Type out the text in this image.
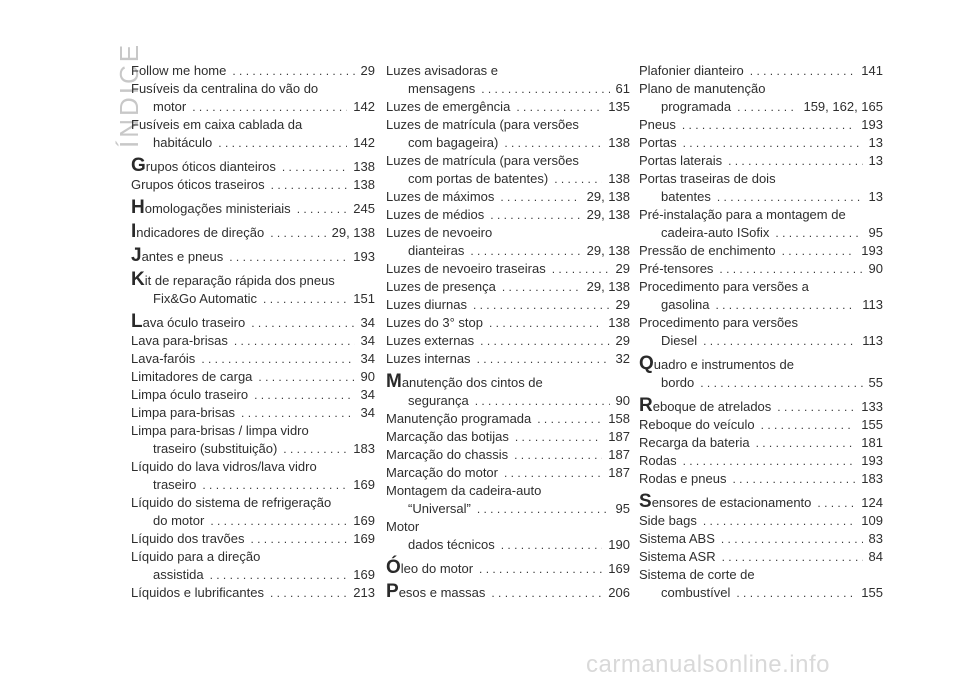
ÍNDICE
Follow me home . . .	29
Fusíveis da centralina do vão do
motor . . .	142
Fusíveis em caixa cablada da
habitáculo . . .	142
G rupos óticos dianteiros . . .	138
Grupos óticos traseiros . . .	138
H omologações ministeriais . . .	245
I ndicadores de direção . . .	29, 138
J antes e pneus . . .	193
K it de reparação rápida dos pneus
Fix&Go Automatic . . .	151
L ava óculo traseiro . . .	34
Lava para-brisas . . .	34
Lava-faróis . . .	34
Limitadores de carga . . .	90
Limpa óculo traseiro . . .	34
Limpa para-brisas . . .	34
Limpa para-brisas / limpa vidro
traseiro (substituição) . . .	183
Líquido do lava vidros/lava vidro
traseiro . . .	169
Líquido do sistema de refrigeração
do motor . . .	169
Líquido dos travões . . .	169
Líquido para a direção
assistida . . .	169
Líquidos e lubrificantes . . .	213
Luzes avisadoras e
mensagens . . .	61
Luzes de emergência . . .	135
Luzes de matrícula (para versões
com bagageira) . . .	138
Luzes de matrícula (para versões
com portas de batentes) . . .	138
Luzes de máximos . . .	29, 138
Luzes de médios . . .	29, 138
Luzes de nevoeiro
dianteiras . . .	29, 138
Luzes de nevoeiro traseiras . . .	29
Luzes de presença . . .	29, 138
Luzes diurnas . . .	29
Luzes do 3° stop . . .	138
Luzes externas . . .	29
Luzes internas . . .	32
M anutenção dos cintos de
segurança . . .	90
Manutenção programada . . .	158
Marcação das botijas . . .	187
Marcação do chassis . . .	187
Marcação do motor . . .	187
Montagem da cadeira-auto
“Universal” . . .	95
Motor
dados técnicos . . .	190
Ó leo do motor . . .	169
P esos e massas . . .	206
Plafonier dianteiro . . .	141
Plano de manutenção
programada . . .	159, 162, 165
Pneus . . .	193
Portas . . .	13
Portas laterais . . .	13
Portas traseiras de dois
batentes . . .	13
Pré-instalação para a montagem de
cadeira-auto ISofix . . .	95
Pressão de enchimento . . .	193
Pré-tensores . . .	90
Procedimento para versões a
gasolina . . .	113
Procedimento para versões
Diesel . . .	113
Q uadro e instrumentos de
bordo . . .	55
R eboque de atrelados . . .	133
Reboque do veículo . . .	155
Recarga da bateria . . .	181
Rodas . . .	193
Rodas e pneus . . .	183
S ensores de estacionamento . . .	124
Side bags . . .	109
Sistema ABS . . .	83
Sistema ASR . . .	84
Sistema de corte de
combustível . . .	155
carmanualsonline.info
